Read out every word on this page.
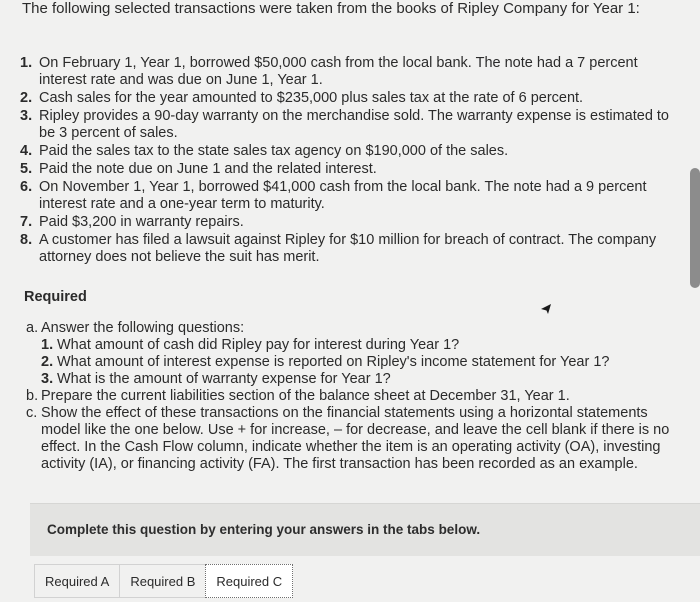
The following selected transactions were taken from the books of Ripley Company for Year 1:
1. On February 1, Year 1, borrowed $50,000 cash from the local bank. The note had a 7 percent interest rate and was due on June 1, Year 1.
2. Cash sales for the year amounted to $235,000 plus sales tax at the rate of 6 percent.
3. Ripley provides a 90-day warranty on the merchandise sold. The warranty expense is estimated to be 3 percent of sales.
4. Paid the sales tax to the state sales tax agency on $190,000 of the sales.
5. Paid the note due on June 1 and the related interest.
6. On November 1, Year 1, borrowed $41,000 cash from the local bank. The note had a 9 percent interest rate and a one-year term to maturity.
7. Paid $3,200 in warranty repairs.
8. A customer has filed a lawsuit against Ripley for $10 million for breach of contract. The company attorney does not believe the suit has merit.
Required
a. Answer the following questions:
1. What amount of cash did Ripley pay for interest during Year 1?
2. What amount of interest expense is reported on Ripley's income statement for Year 1?
3. What is the amount of warranty expense for Year 1?
b. Prepare the current liabilities section of the balance sheet at December 31, Year 1.
c. Show the effect of these transactions on the financial statements using a horizontal statements model like the one below. Use + for increase, – for decrease, and leave the cell blank if there is no effect. In the Cash Flow column, indicate whether the item is an operating activity (OA), investing activity (IA), or financing activity (FA). The first transaction has been recorded as an example.
Complete this question by entering your answers in the tabs below.
Required A	Required B	Required C
